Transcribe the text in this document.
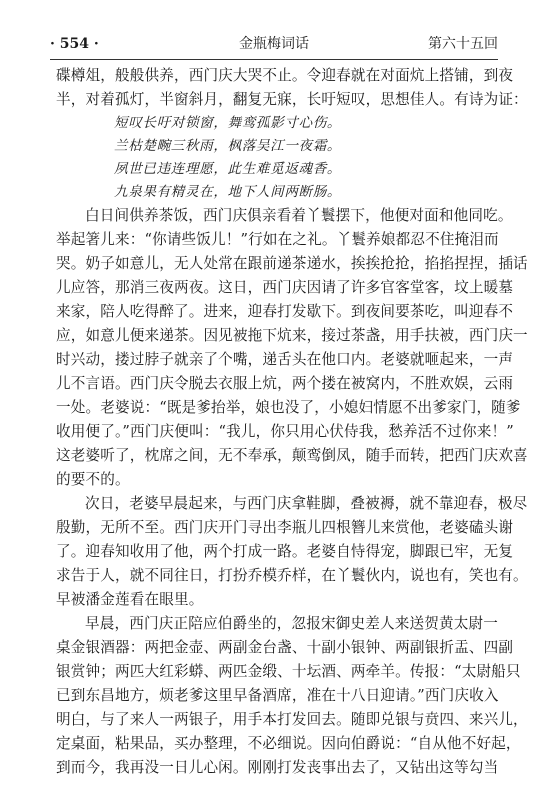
· 554 ·	金瓶梅词话	第六十五回
碟樽俎，般般供养，西门庆大哭不止。令迎春就在对面炕上搭铺，到夜
半，对着孤灯，半窗斜月，翻复无寐，长吁短叹，思想佳人。有诗为证：
短叹长吁对锁窗，舞鸾孤影寸心伤。
兰枯楚畹三秋雨，枫落吴江一夜霜。
夙世已违连理愿，此生难觅返魂香。
九泉果有精灵在，地下人间两断肠。
白日间供养茶饭，西门庆俱亲看着丫鬟摆下，他便对面和他同吃。
举起箸儿来：“你请些饭儿！”行如在之礼。丫鬟养娘都忍不住掩泪而
哭。奶子如意儿，无人处常在跟前递茶递水，挨挨抢抢，掐掐捏捏，插话
儿应答，那消三夜两夜。这日，西门庆因请了许多官客堂客，坟上暖墓
来家，陪人吃得醉了。进来，迎春打发歇下。到夜间要茶吃，叫迎春不
应，如意儿便来递茶。因见被拖下炕来，接过茶盏，用手扶被，西门庆一
时兴动，搂过脖子就亲了个嘴，递舌头在他口内。老婆就咂起来，一声
儿不言语。西门庆令脱去衣服上炕，两个搂在被窝内，不胜欢娱，云雨
一处。老婆说：“既是爹抬举，娘也没了，小媳妇情愿不出爹家门，随爹
收用便了。”西门庆便叫：“我儿，你只用心伏侍我，愁养活不过你来！”
这老婆听了，枕席之间，无不奉承，颠鸾倒凤，随手而转，把西门庆欢喜
的要不的。
次日，老婆早晨起来，与西门庆拿鞋脚，叠被褥，就不靠迎春，极尽
殷勤，无所不至。西门庆开门寻出李瓶儿四根簪儿来赏他，老婆磕头谢
了。迎春知收用了他，两个打成一路。老婆自恃得宠，脚跟已牢，无复
求告于人，就不同往日，打扮乔模乔样，在丫鬟伙内，说也有，笑也有。
早被潘金莲看在眼里。
早晨，西门庆正陪应伯爵坐的，忽报宋御史差人来送贺黄太尉一
桌金银酒器：两把金壶、两副金台盏、十副小银钟、两副银折盂、四副
银赏钟；两匹大红彩蟒、两匹金缎、十坛酒、两牵羊。传报：“太尉船只
已到东昌地方，烦老爹这里早备酒席，准在十八日迎请。”西门庆收入
明白，与了来人一两银子，用手本打发回去。随即兑银与贲四、来兴儿，
定桌面，粘果品，买办整理，不必细说。因向伯爵说：“自从他不好起，
到而今，我再没一日儿心闲。刚刚打发丧事出去了，又钻出这等勾当
